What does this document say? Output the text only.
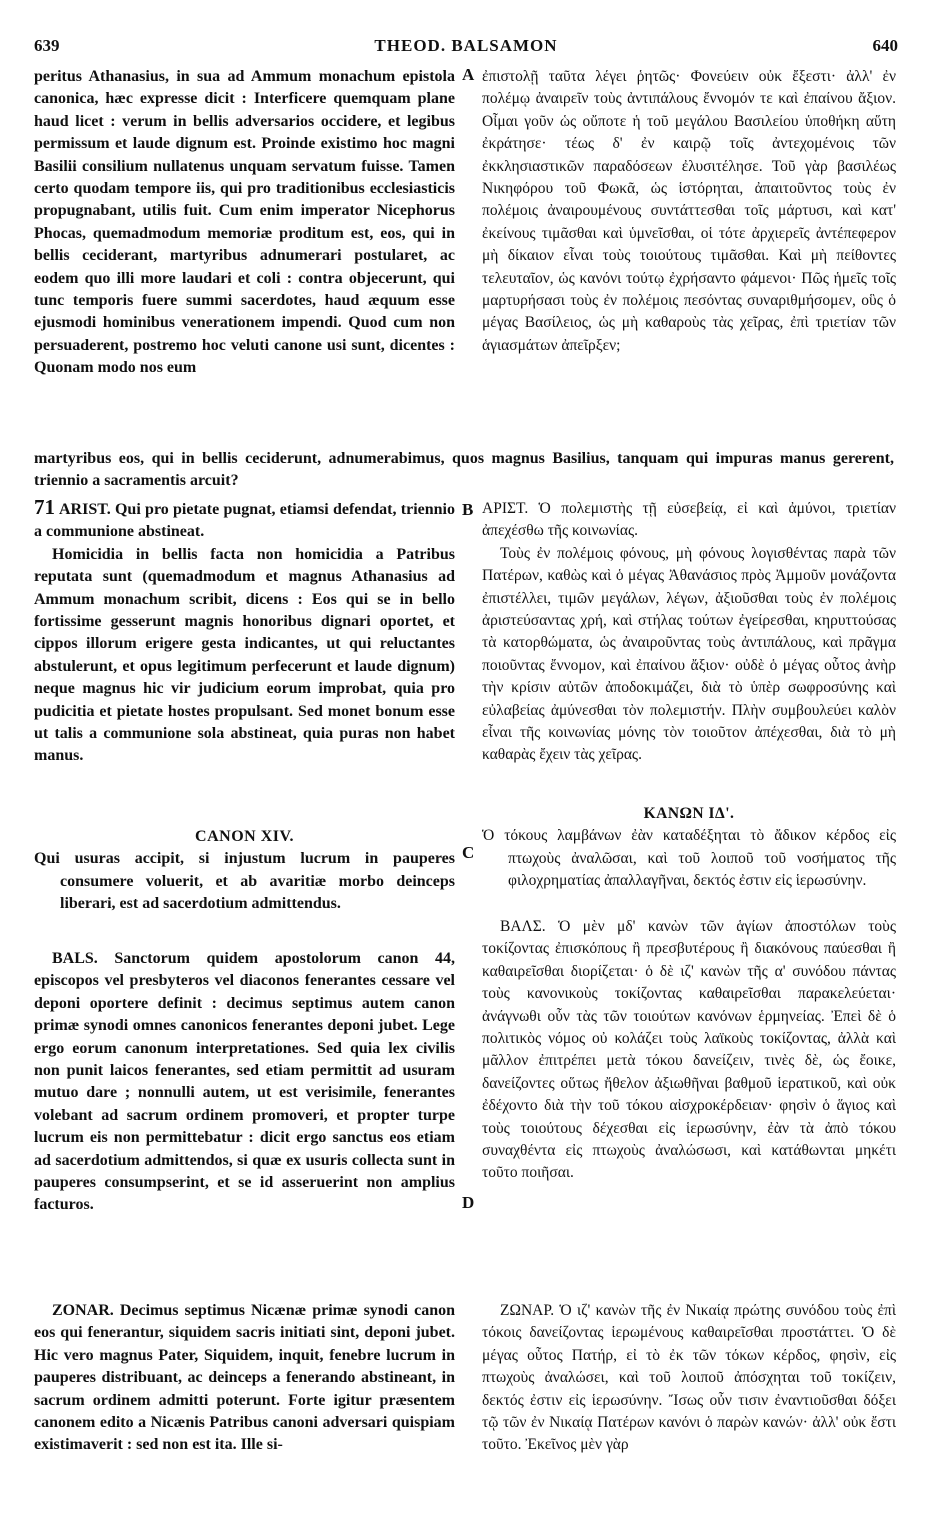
639	THEOD. BALSAMON	640
A
B
C
D

peritus Athanasius, in sua ad Ammum monachum epistola canonica, hæc expresse dicit : Interficere quemquam plane haud licet : verum in bellis adversarios occidere, et legibus permissum et laude dignum est. Proinde existimo hoc magni Basilii consilium nullatenus unquam servatum fuisse. Tamen certo quodam tempore iis, qui pro traditionibus ecclesiasticis propugnabant, utilis fuit. Cum enim imperator Nicephorus Phocas, quemadmodum memoriæ proditum est, eos, qui in bellis ceciderant, martyribus adnumerari postularet, ac eodem quo illi more laudari et coli : contra objecerunt, qui tunc temporis fuere summi sacerdotes, haud æquum esse ejusmodi hominibus venerationem impendi. Quod cum non persuaderent, postremo hoc veluti canone usi sunt, dicentes : Quonam modo nos eum

ἐπιστολῇ ταῦτα λέγει ῥητῶς· Φονεύειν οὐκ ἔξεστι· ἀλλ' ἐν πολέμῳ ἀναιρεῖν τοὺς ἀντιπάλους ἔννομόν τε καὶ ἐπαίνου ἄξιον. Οἶμαι γοῦν ὡς οὔποτε ἡ τοῦ μεγάλου Βασιλείου ὑποθήκη αὕτη ἐκράτησε· τέως δ' ἐν καιρῷ τοῖς ἀντεχομένοις τῶν ἐκκλησιαστικῶν παραδόσεων ἐλυσιτέλησε. Τοῦ γὰρ βασιλέως Νικηφόρου τοῦ Φωκᾶ, ὡς ἱστόρηται, ἀπαιτοῦντος τοὺς ἐν πολέμοις ἀναιρουμένους συντάττεσθαι τοῖς μάρτυσι, καὶ κατ' ἐκείνους τιμᾶσθαι καὶ ὑμνεῖσθαι, οἱ τότε ἀρχιερεῖς ἀντέπεφερον μὴ δίκαιον εἶναι τοὺς τοιούτους τιμᾶσθαι. Καὶ μὴ πείθοντες τελευταῖον, ὡς κανόνι τούτῳ ἐχρήσαντο φάμενοι· Πῶς ἡμεῖς τοῖς μαρτυρήσασι τοὺς ἐν πολέμοις πεσόντας συναριθμήσομεν, οὓς ὁ μέγας Βασίλειος, ὡς μὴ καθαροὺς τὰς χεῖρας, ἐπὶ τριετίαν τῶν ἁγιασμάτων ἀπεῖρξεν;

martyribus eos, qui in bellis ceciderunt, adnumerabimus, quos magnus Basilius, tanquam qui impuras manus gererent, triennio a sacramentis arcuit?

71 ARIST. Qui pro pietate pugnat, etiamsi defendat, triennio a communione abstineat.

Homicidia in bellis facta non homicidia a Patribus reputata sunt (quemadmodum et magnus Athanasius ad Ammum monachum scribit, dicens : Eos qui se in bello fortissime gesserunt magnis honoribus dignari oportet, et cippos illorum erigere gesta indicantes, ut qui reluctantes abstulerunt, et opus legitimum perfecerunt et laude dignum) neque magnus hic vir judicium eorum improbat, quia pro pudicitia et pietate hostes propulsant. Sed monet bonum esse ut talis a communione sola abstineat, quia puras non habet manus.

ΑΡΙΣΤ. Ὁ πολεμιστὴς τῇ εὐσεβείᾳ, εἰ καὶ ἀμύνοι, τριετίαν ἀπεχέσθω τῆς κοινωνίας.

Τοὺς ἐν πολέμοις φόνους, μὴ φόνους λογισθέντας παρὰ τῶν Πατέρων, καθὼς καὶ ὁ μέγας Ἀθανάσιος πρὸς Ἀμμοῦν μονάζοντα ἐπιστέλλει, τιμῶν μεγάλων, λέγων, ἀξιοῦσθαι τοὺς ἐν πολέμοις ἀριστεύσαντας χρή, καὶ στήλας τούτων ἐγείρεσθαι, κηρυττούσας τὰ κατορθώματα, ὡς ἀναιροῦντας τοὺς ἀντιπάλους, καὶ πρᾶγμα ποιοῦντας ἔννομον, καὶ ἐπαίνου ἄξιον· οὐδὲ ὁ μέγας οὗτος ἀνὴρ τὴν κρίσιν αὐτῶν ἀποδοκιμάζει, διὰ τὸ ὑπὲρ σωφροσύνης καὶ εὐλαβείας ἀμύνεσθαι τὸν πολεμιστήν. Πλὴν συμβουλεύει καλὸν εἶναι τῆς κοινωνίας μόνης τὸν τοιοῦτον ἀπέχεσθαι, διὰ τὸ μὴ καθαρὰς ἔχειν τὰς χεῖρας.

CANON XIV.

Qui usuras accipit, si injustum lucrum in pauperes consumere voluerit, et ab avaritiæ morbo deinceps liberari, est ad sacerdotium admittendus.

ΚΑΝΩΝ ΙΔ'.

Ὁ τόκους λαμβάνων ἐὰν καταδέξηται τὸ ἄδικον κέρδος εἰς πτωχοὺς ἀναλῶσαι, καὶ τοῦ λοιποῦ τοῦ νοσήματος τῆς φιλοχρηματίας ἀπαλλαγῆναι, δεκτός ἐστιν εἰς ἱερωσύνην.

BALS. Sanctorum quidem apostolorum canon 44, episcopos vel presbyteros vel diaconos fenerantes cessare vel deponi oportere definit : decimus septimus autem canon primæ synodi omnes canonicos fenerantes deponi jubet. Lege ergo eorum canonum interpretationes. Sed quia lex civilis non punit laicos fenerantes, sed etiam permittit ad usuram mutuo dare ; nonnulli autem, ut est verisimile, fenerantes volebant ad sacrum ordinem promoveri, et propter turpe lucrum eis non permittebatur : dicit ergo sanctus eos etiam ad sacerdotium admittendos, si quæ ex usuris collecta sunt in pauperes consumpserint, et se id asseruerint non amplius facturos.

ΒΑΛΣ. Ὁ μὲν μδ' κανὼν τῶν ἁγίων ἀποστόλων τοὺς τοκίζοντας ἐπισκόπους ἢ πρεσβυτέρους ἢ διακόνους παύεσθαι ἢ καθαιρεῖσθαι διορίζεται· ὁ δὲ ιζ' κανὼν τῆς α' συνόδου πάντας τοὺς κανονικοὺς τοκίζοντας καθαιρεῖσθαι παρακελεύεται· ἀνάγνωθι οὖν τὰς τῶν τοιούτων κανόνων ἑρμηνείας. Ἐπεὶ δὲ ὁ πολιτικὸς νόμος οὐ κολάζει τοὺς λαϊκοὺς τοκίζοντας, ἀλλὰ καὶ μᾶλλον ἐπιτρέπει μετὰ τόκου δανείζειν, τινὲς δὲ, ὡς ἔοικε, δανείζοντες οὕτως ἤθελον ἀξιωθῆναι βαθμοῦ ἱερατικοῦ, καὶ οὐκ ἐδέχοντο διὰ τὴν τοῦ τόκου αἰσχροκέρδειαν· φησὶν ὁ ἅγιος καὶ τοὺς τοιούτους δέχεσθαι εἰς ἱερωσύνην, ἐὰν τὰ ἀπὸ τόκου συναχθέντα εἰς πτωχοὺς ἀναλώσωσι, καὶ κατάθωνται μηκέτι τοῦτο ποιῆσαι.

ZONAR. Decimus septimus Nicænæ primæ synodi canon eos qui fenerantur, siquidem sacris initiati sint, deponi jubet. Hic vero magnus Pater, Siquidem, inquit, fenebre lucrum in pauperes distribuant, ac deinceps a fenerando abstineant, in sacrum ordinem admitti poterunt. Forte igitur præsentem canonem edito a Nicænis Patribus canoni adversari quispiam existimaverit : sed non est ita. Ille si-

ΖΩΝΑΡ. Ὁ ιζ' κανὼν τῆς ἐν Νικαίᾳ πρώτης συνόδου τοὺς ἐπὶ τόκοις δανείζοντας ἱερωμένους καθαιρεῖσθαι προστάττει. Ὁ δὲ μέγας οὗτος Πατήρ, εἰ τὸ ἐκ τῶν τόκων κέρδος, φησὶν, εἰς πτωχοὺς ἀναλώσει, καὶ τοῦ λοιποῦ ἀπόσχηται τοῦ τοκίζειν, δεκτός ἐστιν εἰς ἱερωσύνην. Ἴσως οὖν τισιν ἐναντιοῦσθαι δόξει τῷ τῶν ἐν Νικαίᾳ Πατέρων κανόνι ὁ παρὼν κανών· ἀλλ' οὐκ ἔστι τοῦτο. Ἐκεῖνος μὲν γὰρ
